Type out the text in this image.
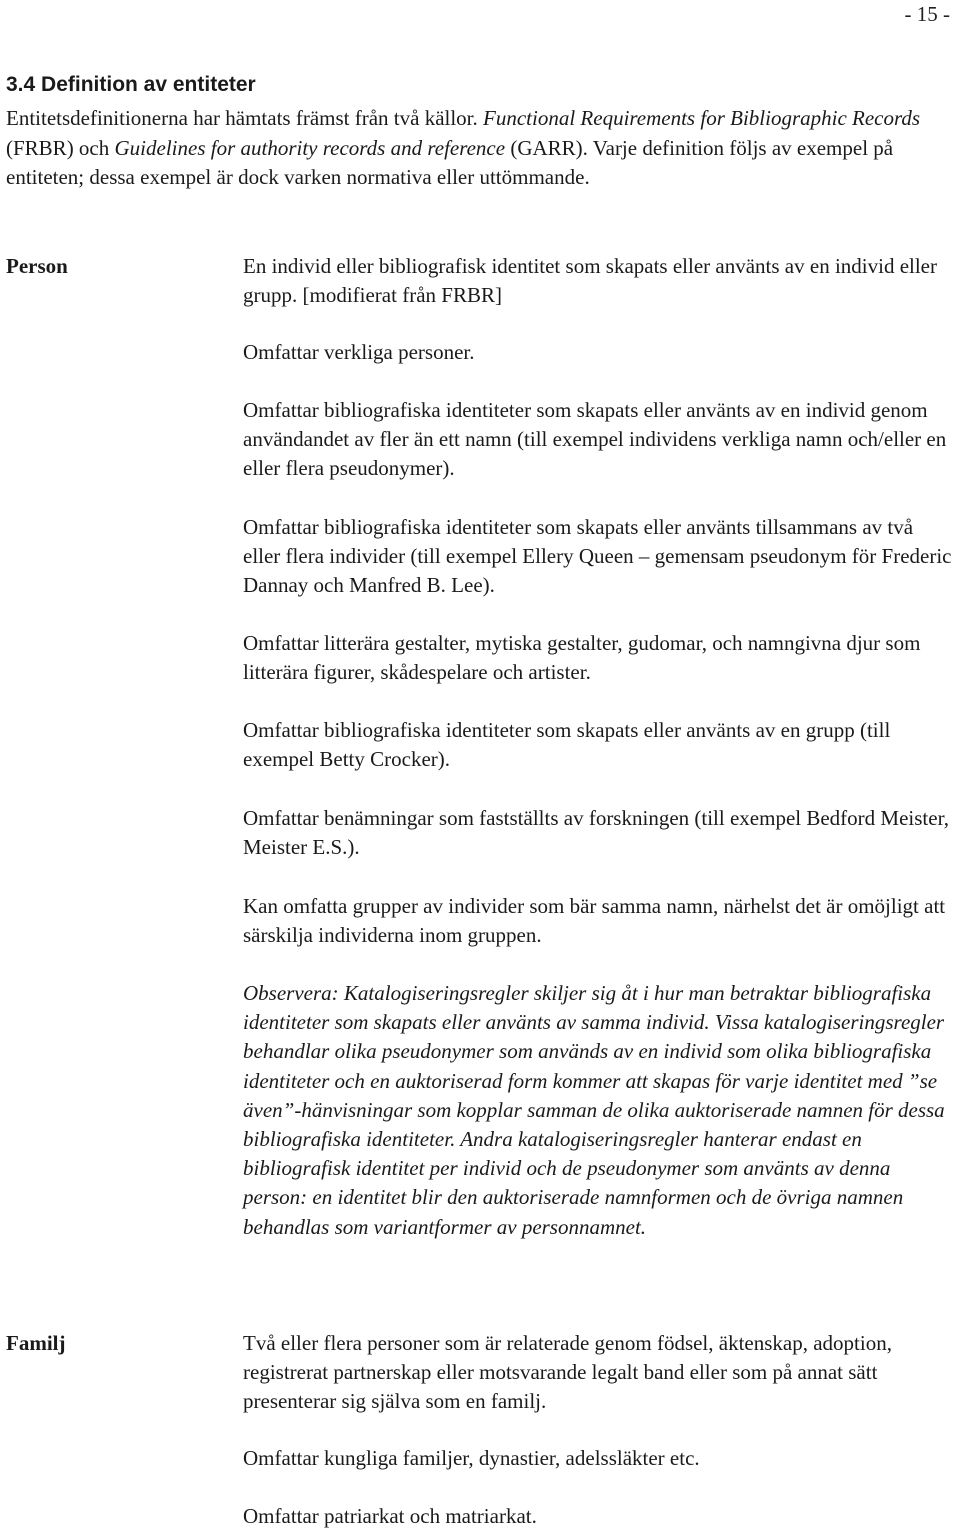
- 15 -
3.4 Definition av entiteter

Entitetsdefinitionerna har hämtats främst från två källor. Functional Requirements for Bibliographic Records (FRBR) och Guidelines for authority records and reference (GARR). Varje definition följs av exempel på entiteten; dessa exempel är dock varken normativa eller uttömmande.

Person	En individ eller bibliografisk identitet som skapats eller använts av en individ eller grupp. [modifierat från FRBR]
Omfattar verkliga personer.
Omfattar bibliografiska identiteter som skapats eller använts av en individ genom användandet av fler än ett namn (till exempel individens verkliga namn och/eller en eller flera pseudonymer).
Omfattar bibliografiska identiteter som skapats eller använts tillsammans av två eller flera individer (till exempel Ellery Queen – gemensam pseudonym för Frederic Dannay och Manfred B. Lee).
Omfattar litterära gestalter, mytiska gestalter, gudomar, och namngivna djur som litterära figurer, skådespelare och artister.
Omfattar bibliografiska identiteter som skapats eller använts av en grupp (till exempel Betty Crocker).
Omfattar benämningar som fastställts av forskningen (till exempel Bedford Meister, Meister E.S.).
Kan omfatta grupper av individer som bär samma namn, närhelst det är omöjligt att särskilja individerna inom gruppen.
Observera: Katalogiseringsregler skiljer sig åt i hur man betraktar bibliografiska identiteter som skapats eller använts av samma individ. Vissa katalogiseringsregler behandlar olika pseudonymer som används av en individ som olika bibliografiska identiteter och en auktoriserad form kommer att skapas för varje identitet med ”se även”-hänvisningar som kopplar samman de olika auktoriserade namnen för dessa bibliografiska identiteter. Andra katalogiseringsregler hanterar endast en bibliografisk identitet per individ och de pseudonymer som använts av denna person: en identitet blir den auktoriserade namnformen och de övriga namnen behandlas som variantformer av personnamnet.
Familj	Två eller flera personer som är relaterade genom födsel, äktenskap, adoption, registrerat partnerskap eller motsvarande legalt band eller som på annat sätt presenterar sig själva som en familj.
Omfattar kungliga familjer, dynastier, adelssläkter etc.
Omfattar patriarkat och matriarkat.
